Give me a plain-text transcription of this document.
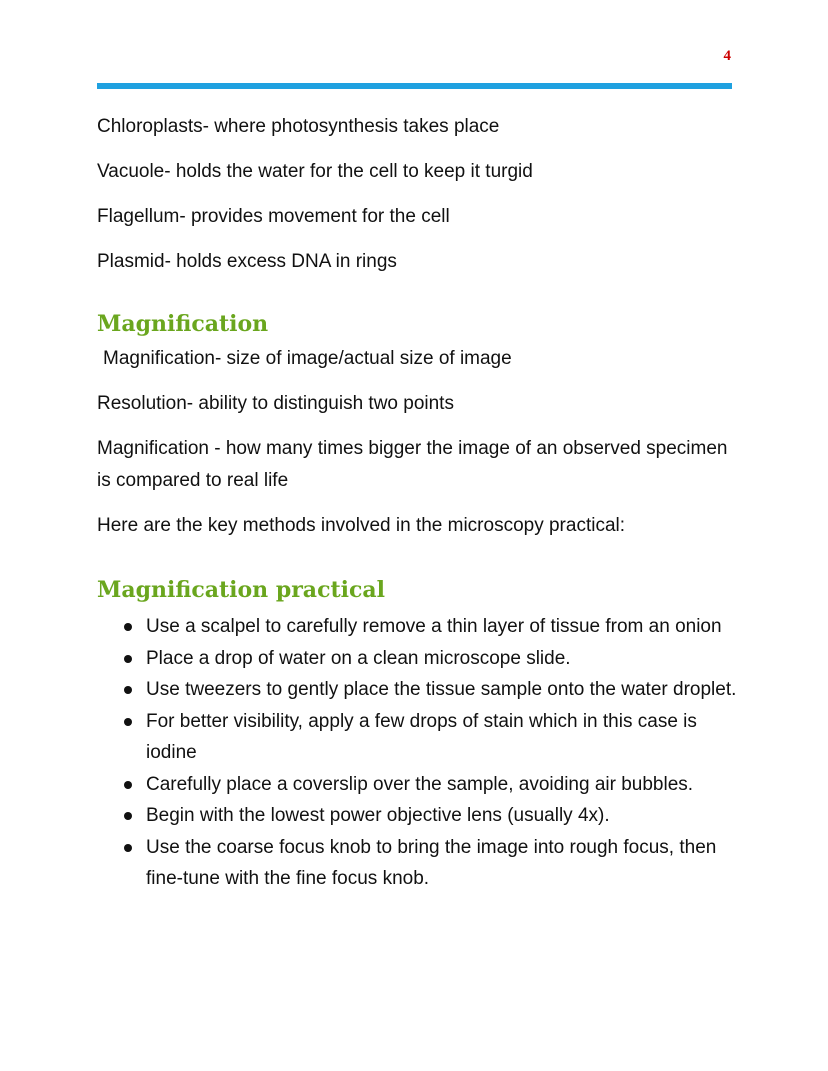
4

Chloroplasts- where photosynthesis takes place

Vacuole- holds the water for the cell to keep it turgid

Flagellum- provides movement for the cell

Plasmid- holds excess DNA in rings

Magnification

Magnification- size of image/actual size of image

Resolution- ability to distinguish two points

Magnification - how many times bigger the image of an observed specimen is compared to real life

Here are the key methods involved in the microscopy practical:

Magnification practical
Use a scalpel to carefully remove a thin layer of tissue from an onion
Place a drop of water on a clean microscope slide.
Use tweezers to gently place the tissue sample onto the water droplet.
For better visibility, apply a few drops of stain which in this case is iodine
Carefully place a coverslip over the sample, avoiding air bubbles.
Begin with the lowest power objective lens (usually 4x).
Use the coarse focus knob to bring the image into rough focus, then fine-tune with the fine focus knob.
